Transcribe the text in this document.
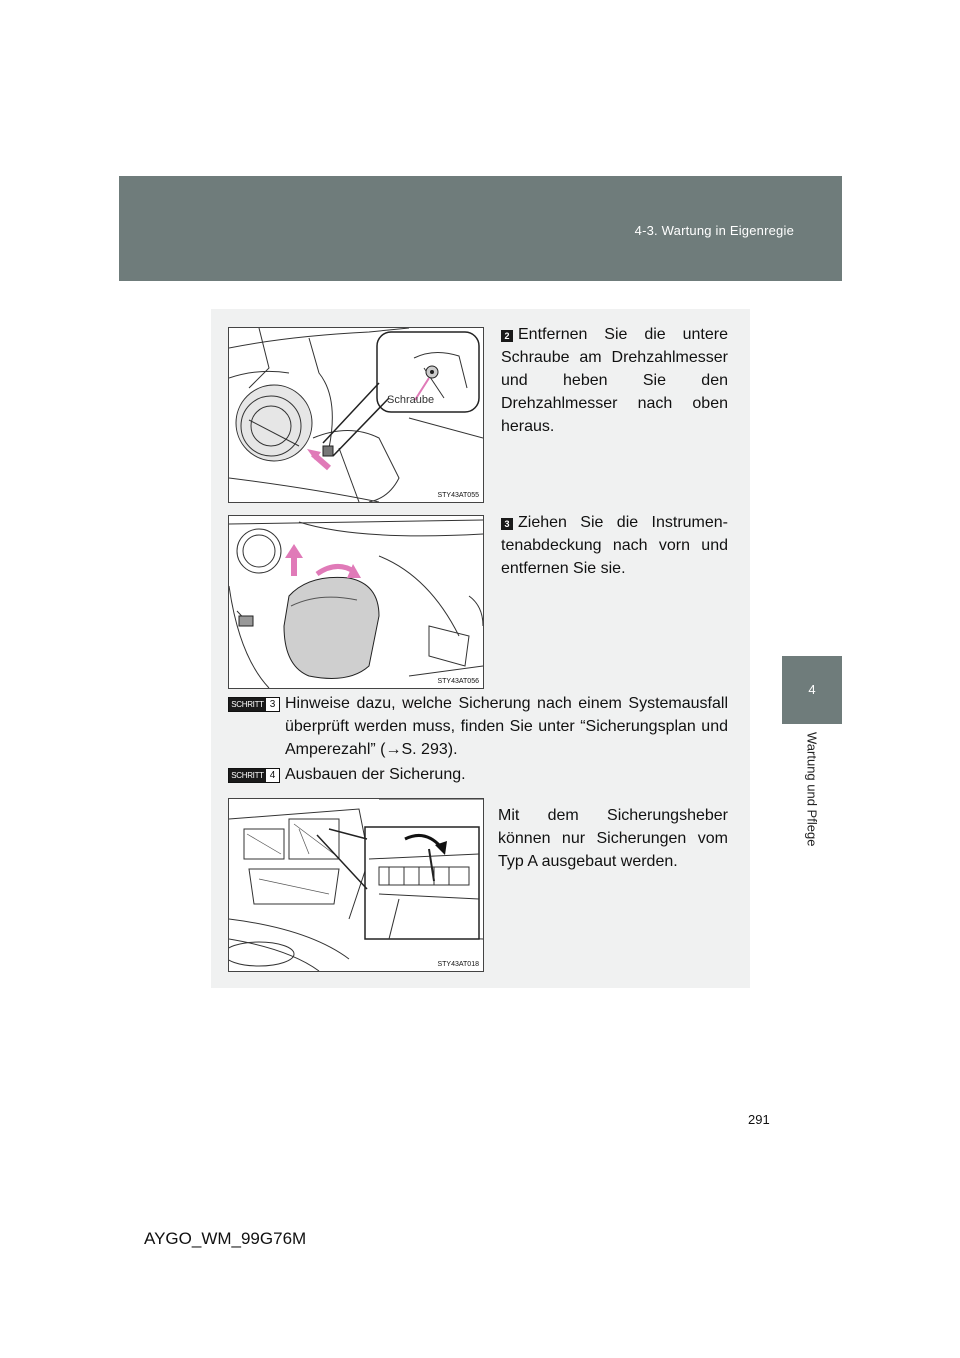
4-3. Wartung in Eigenregie
4
Wartung und Pflege
Schraube
STY43AT055
STY43AT056
STY43AT018
2 Entfernen Sie die untere Schraube am Drehzahlmesser und heben Sie den Drehzahlmesser nach oben heraus.
3 Ziehen Sie die Instrumentenabdeckung nach vorn und entfernen Sie sie.
SCHRITT 3 Hinweise dazu, welche Sicherung nach einem Systemausfall überprüft werden muss, finden Sie unter “Sicherungsplan und Amperezahl” (→S. 293).
SCHRITT 4 Ausbauen der Sicherung.
Mit dem Sicherungsheber können nur Sicherungen vom Typ A ausgebaut werden.
291
AYGO_WM_99G76M
